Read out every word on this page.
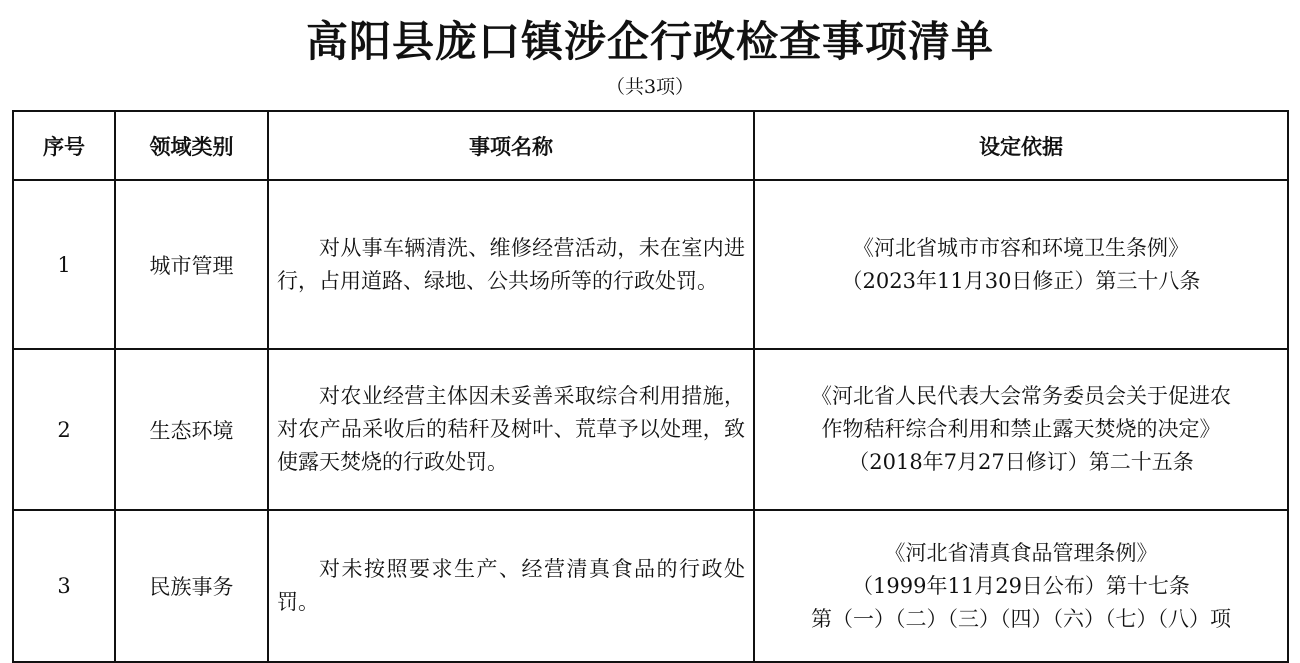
高阳县庞口镇涉企行政检查事项清单
（共3项）
序号	领域类别	事项名称	设定依据
1	城市管理	对从事车辆清洗、维修经营活动，未在室内进行，占用道路、绿地、公共场所等的行政处罚。	《河北省城市市容和环境卫生条例》
（2023年11月30日修正）第三十八条

2	生态环境	对农业经营主体因未妥善采取综合利用措施，对农产品采收后的秸秆及树叶、荒草予以处理，致使露天焚烧的行政处罚。	《河北省人民代表大会常务委员会关于促进农
作物秸秆综合利用和禁止露天焚烧的决定》
（2018年7月27日修订）第二十五条

3	民族事务	对未按照要求生产、经营清真食品的行政处罚。	《河北省清真食品管理条例》
（1999年11月29日公布）第十七条
第（一）（二）（三）（四）（六）（七）（八）项
